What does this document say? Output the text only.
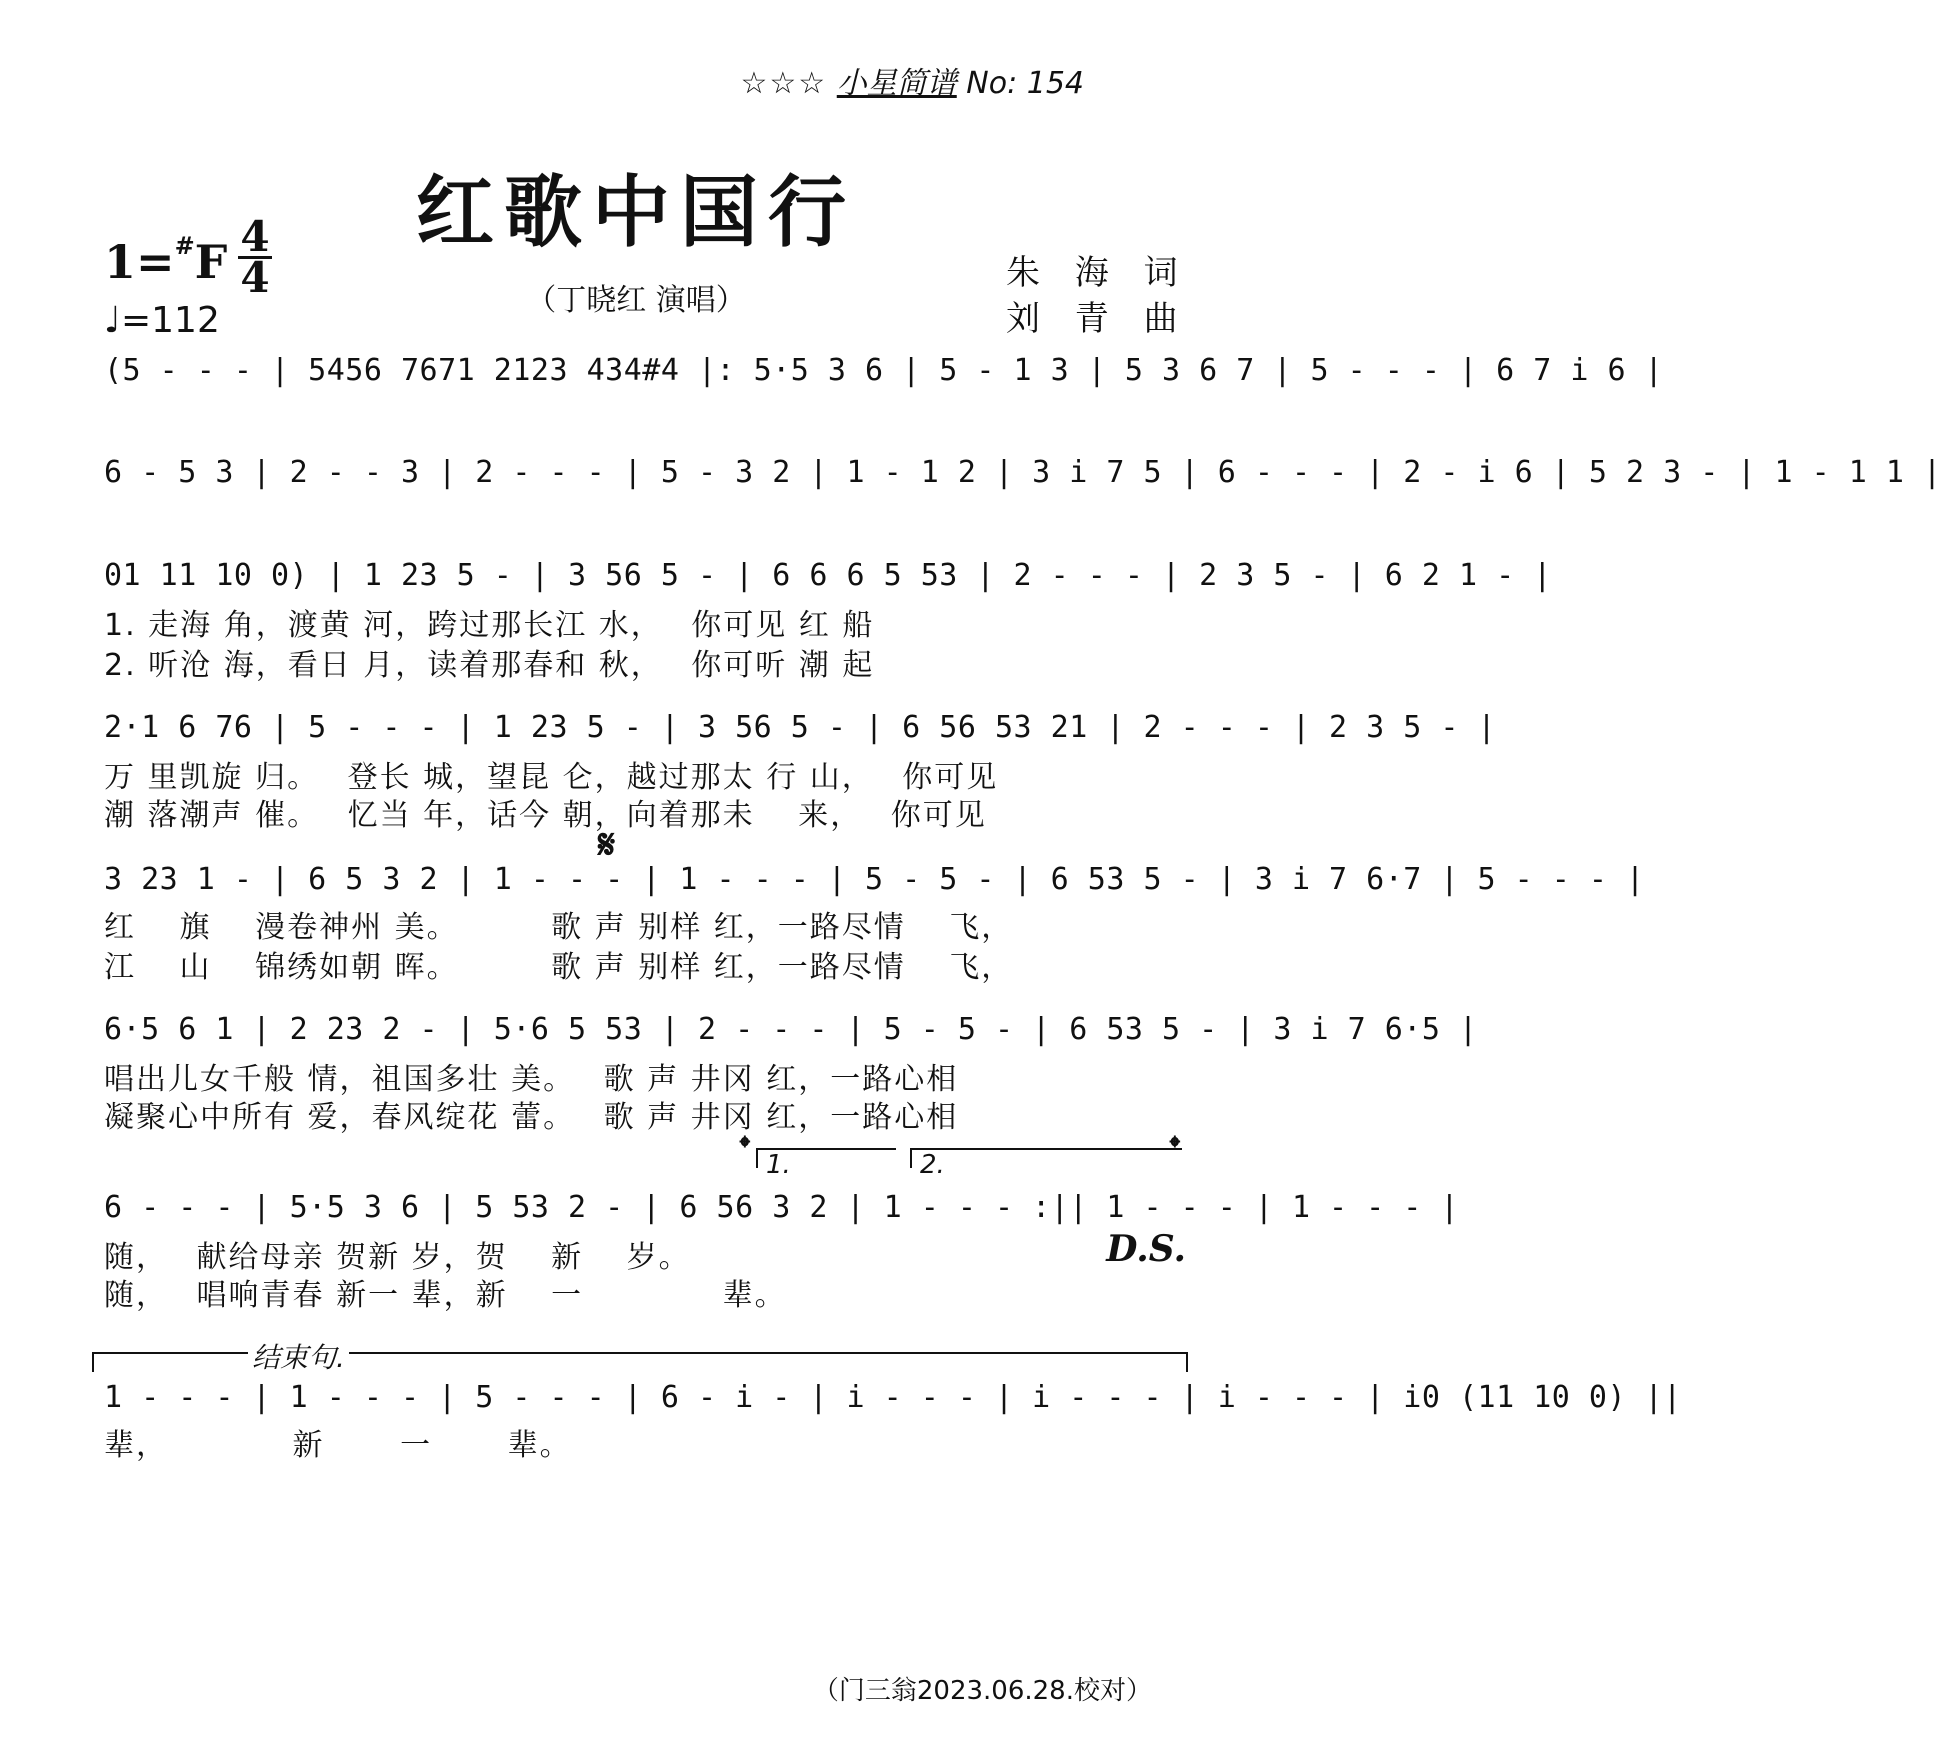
☆☆☆ 小星简谱 No: 154
红歌中国行
（丁晓红 演唱）
1=#F 4
4
♩=112
朱 海 词
刘 青 曲
(5 - - - | 5456 7671 2123 434#4 |: 5·5 3 6 | 5 - 1 3 | 5 3 6 7 | 5 - - - | 6 7 i 6 |
6 - 5 3 | 2 - - 3 | 2 - - - | 5 - 3 2 | 1 - 1 2 | 3 i 7 5 | 6 - - - | 2 - i 6 | 5 2 3 - | 1 - 1 1 |
01 11 10 0) | 1 23 5 - | 3 56 5 - | 6 6 6 5 53 | 2 - - - | 2 3 5 - | 6 2 1 - |
1. 走海 角，渡黄 河，跨过那长江 水，　 你可见 红 船
2. 听沧 海，看日 月，读着那春和 秋，　 你可听 潮 起
2·1 6 76 | 5 - - - | 1 23 5 - | 3 56 5 - | 6 56 53 21 | 2 - - - | 2 3 5 - |
万 里凯旋 归。　 登长 城，望昆 仑，越过那太 行 山，　 你可见
潮 落潮声 催。　 忆当 年，话今 朝，向着那未　 来，　 你可见
𝄋
3 23 1 - | 6 5 3 2 | 1 - - - | 1 - - - | 5 - 5 - | 6 53 5 - | 3 i 7 6·7 | 5 - - - |
红　 旗　 漫卷神州 美。　　　 歌 声 别样 红，一路尽情　 飞，
江　 山　 锦绣如朝 晖。　　　 歌 声 别样 红，一路尽情　 飞，
6·5 6 1 | 2 23 2 - | 5·6 5 53 | 2 - - - | 5 - 5 - | 6 53 5 - | 3 i 7 6·5 |
唱出儿女千般 情，祖国多壮 美。　 歌 声 井冈 红，一路心相
凝聚心中所有 爱，春风绽花 蕾。　 歌 声 井冈 红，一路心相
𝄌	𝄌
1.	2.
6 - - - | 5·5 3 6 | 5 53 2 - | 6 56 3 2 | 1 - - - :|| 1 - - - | 1 - - - |
随，　 献给母亲 贺新 岁，贺　 新　 岁。
随，　 唱响青春 新一 辈，新　 一　　　　 辈。
D.S.
结束句.
1 - - - | 1 - - - | 5 - - - | 6 - i - | i - - - | i - - - | i - - - | i0 (11 10 0) ||
辈，　　　　 新　　 一　　 辈。
（门三翁2023.06.28.校对）
